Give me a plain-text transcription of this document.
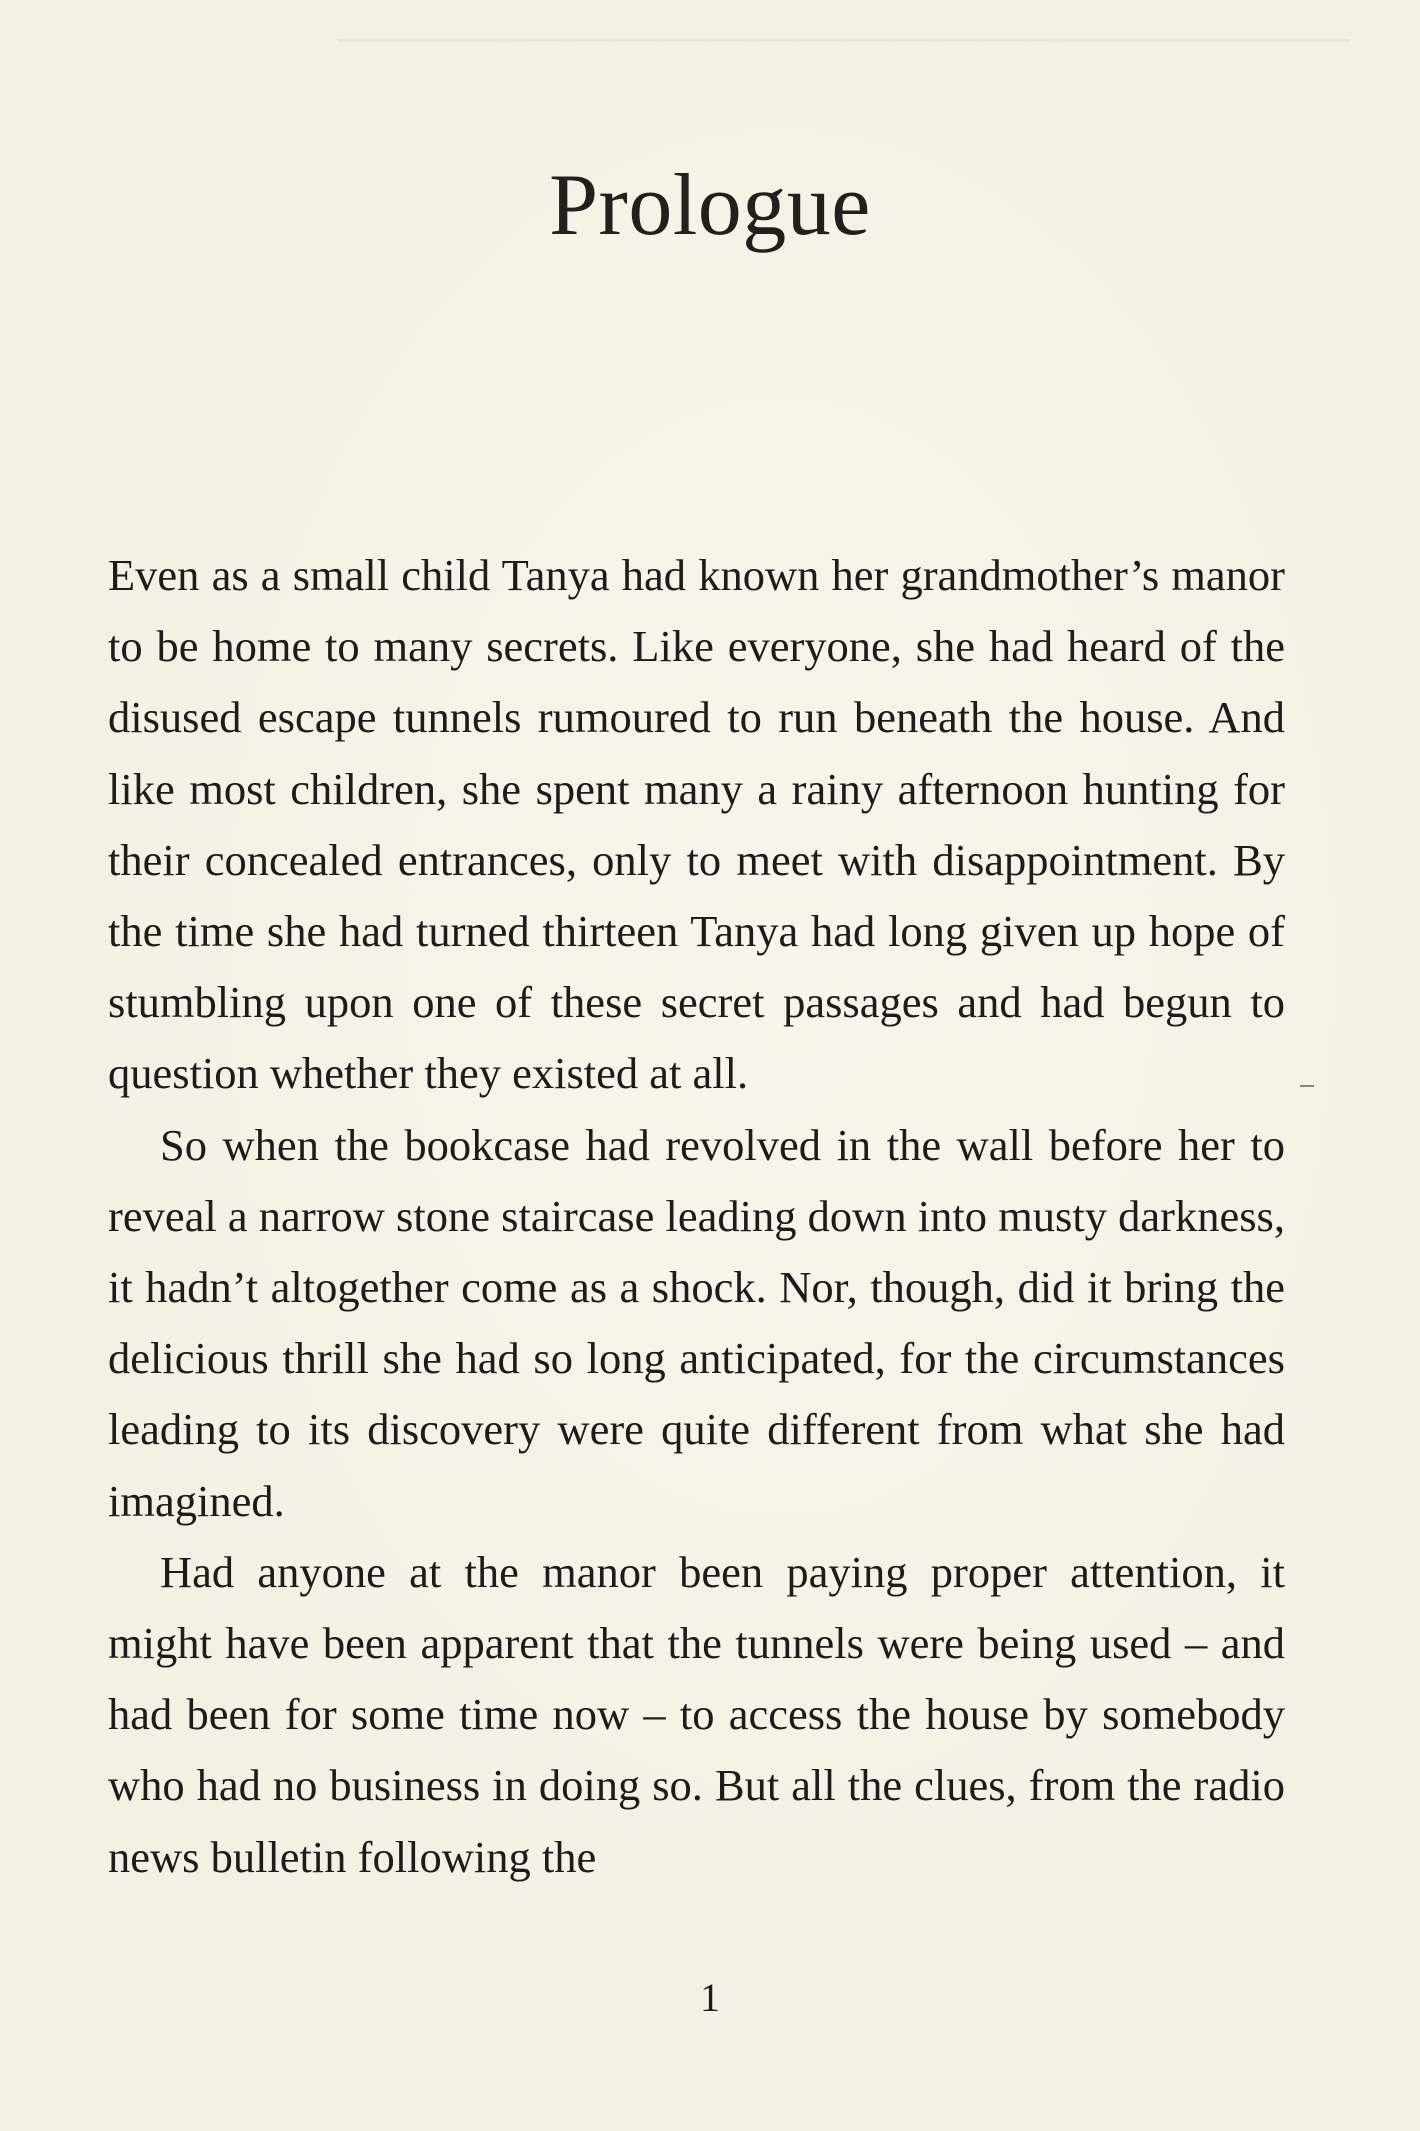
——————————————————————
Prologue

Even as a small child Tanya had known her grandmother’s manor to be home to many secrets. Like everyone, she had heard of the disused escape tunnels rumoured to run beneath the house. And like most children, she spent many a rainy afternoon hunting for their concealed entrances, only to meet with disappointment. By the time she had turned thirteen Tanya had long given up hope of stumbling upon one of these secret passages and had begun to question whether they existed at all.

So when the bookcase had revolved in the wall before her to reveal a narrow stone staircase leading down into musty darkness, it hadn’t altogether come as a shock. Nor, though, did it bring the delicious thrill she had so long anticipated, for the circumstances leading to its discovery were quite different from what she had imagined.

Had anyone at the manor been paying proper attention, it might have been apparent that the tunnels were being used – and had been for some time now – to access the house by somebody who had no business in doing so. But all the clues, from the radio news bulletin following the

1
